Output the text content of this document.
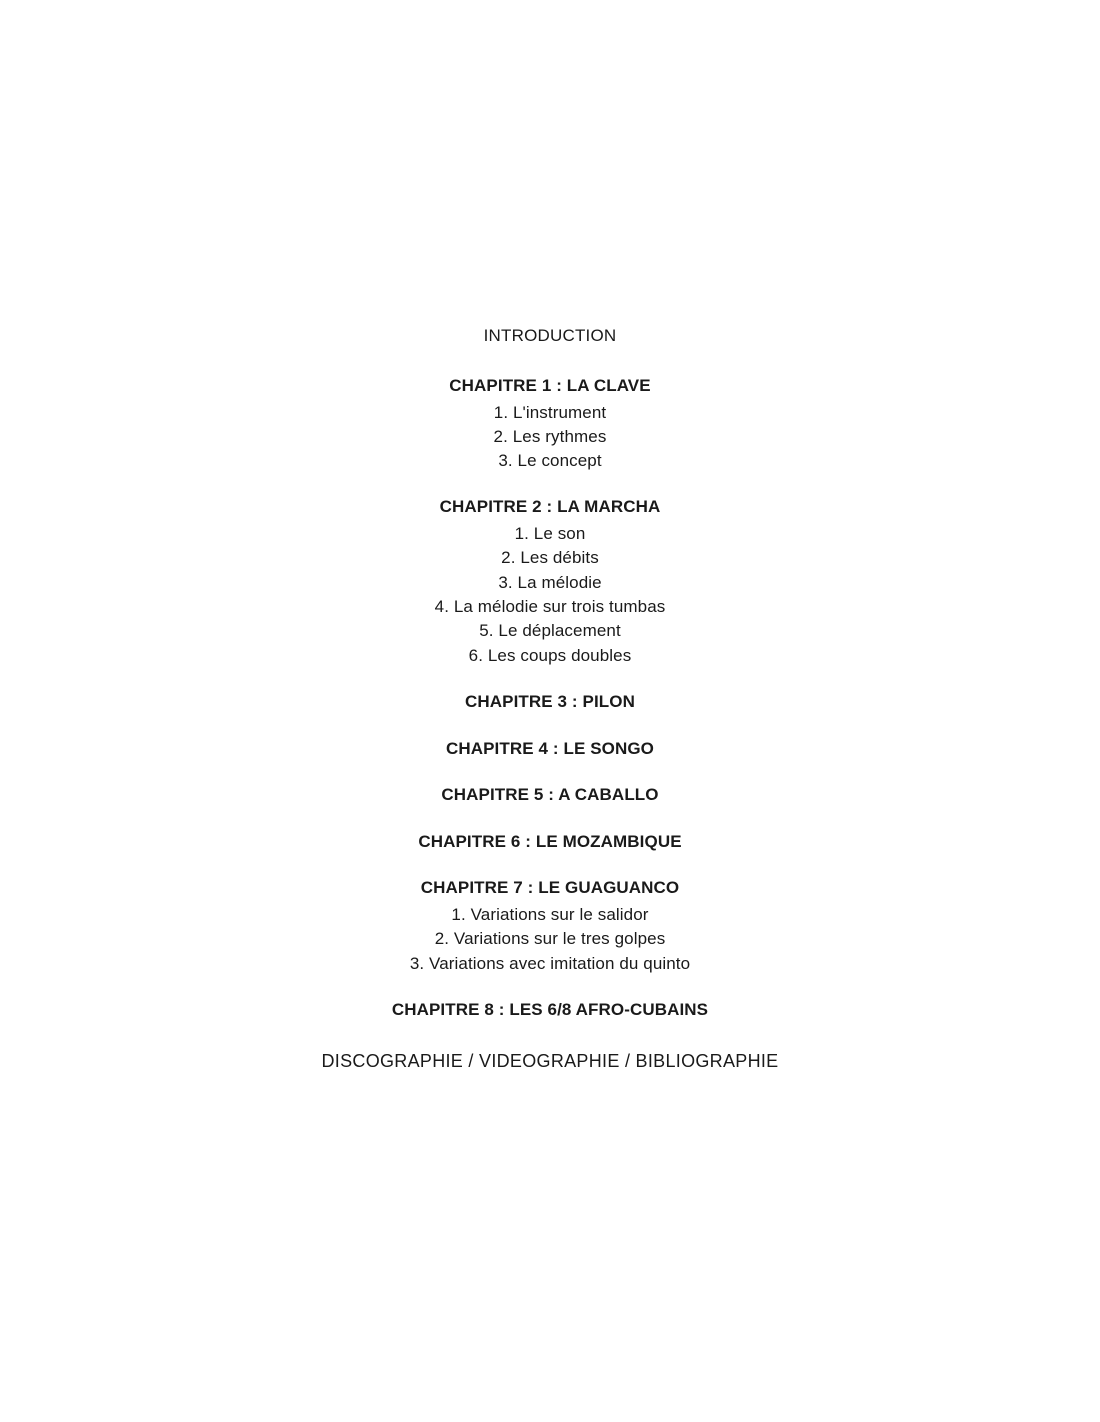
INTRODUCTION
CHAPITRE 1 : LA CLAVE
1. L'instrument
2. Les rythmes
3. Le concept
CHAPITRE 2 : LA MARCHA
1. Le son
2. Les débits
3. La mélodie
4. La mélodie sur trois tumbas
5. Le déplacement
6. Les coups doubles
CHAPITRE 3 : PILON
CHAPITRE 4 : LE SONGO
CHAPITRE 5 : A CABALLO
CHAPITRE 6 : LE MOZAMBIQUE
CHAPITRE 7 : LE GUAGUANCO
1. Variations sur le salidor
2. Variations sur le tres golpes
3. Variations avec imitation du quinto
CHAPITRE 8 : LES 6/8 AFRO-CUBAINS
DISCOGRAPHIE / VIDEOGRAPHIE / BIBLIOGRAPHIE
